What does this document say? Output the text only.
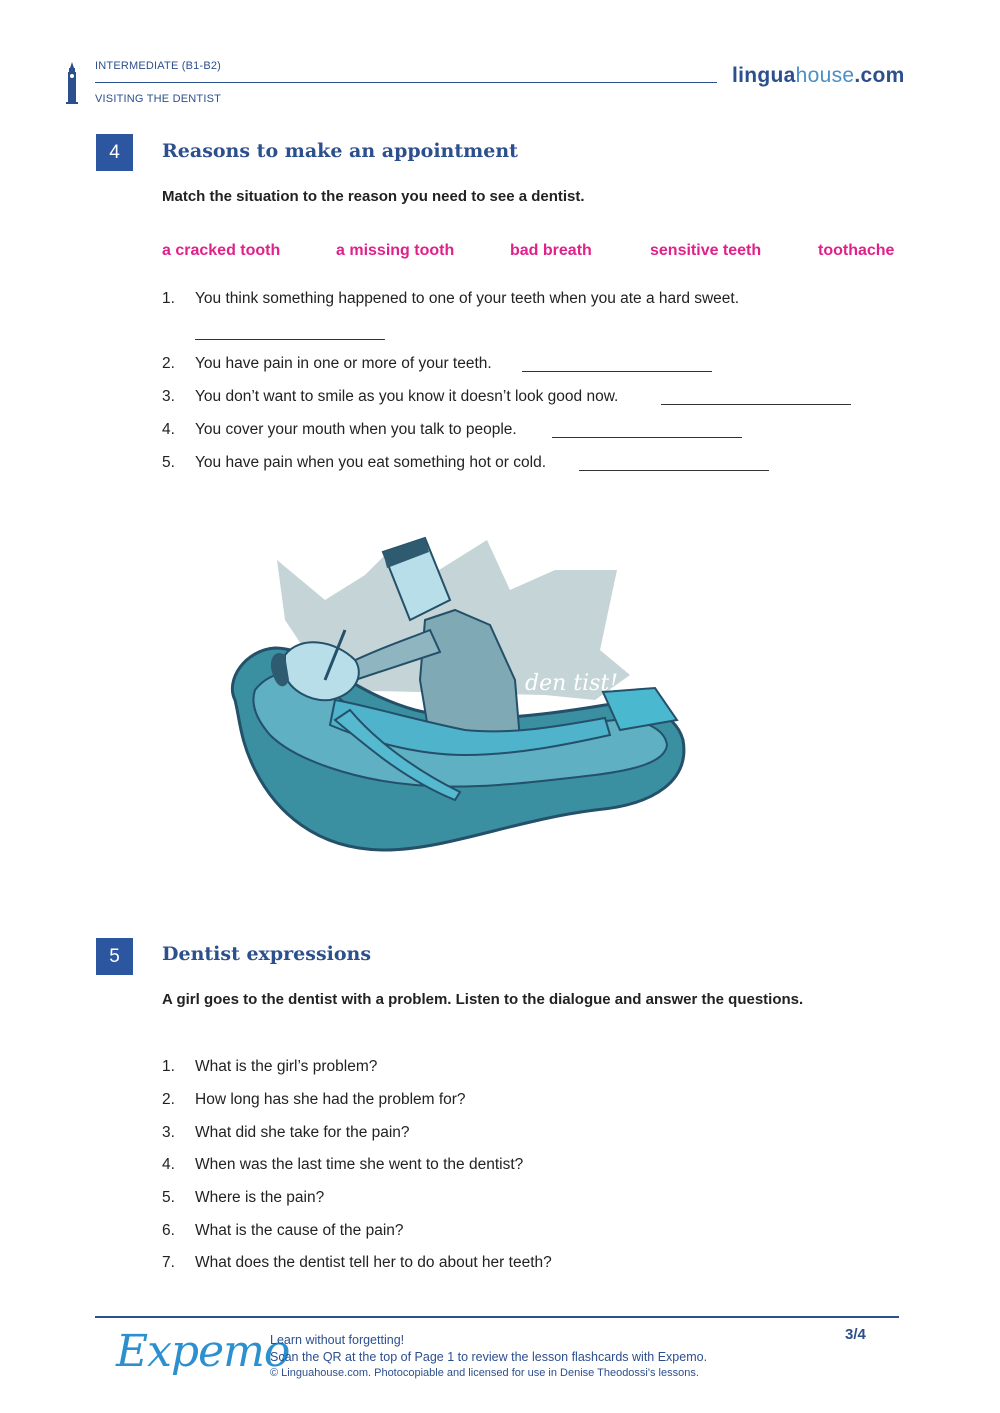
INTERMEDIATE (B1-B2)
VISITING THE DENTIST
linguahouse.com
4	Reasons to make an appointment
Match the situation to the reason you need to see a dentist.
a cracked tooth	a missing tooth	bad breath	sensitive teeth	toothache
1. You think something happened to one of your teeth when you ate a hard sweet.
2. You have pain in one or more of your teeth.
3. You don’t want to smile as you know it doesn’t look good now.
4. You cover your mouth when you talk to people.
5. You have pain when you eat something hot or cold.
den tist!
5	Dentist expressions
A girl goes to the dentist with a problem. Listen to the dialogue and answer the questions.
1. What is the girl’s problem?
2. How long has she had the problem for?
3. What did she take for the pain?
4. When was the last time she went to the dentist?
5. Where is the pain?
6. What is the cause of the pain?
7. What does the dentist tell her to do about her teeth?
Expemo
Learn without forgetting!
Scan the QR at the top of Page 1 to review the lesson flashcards with Expemo.
© Linguahouse.com. Photocopiable and licensed for use in Denise Theodossi's lessons.
3/4
